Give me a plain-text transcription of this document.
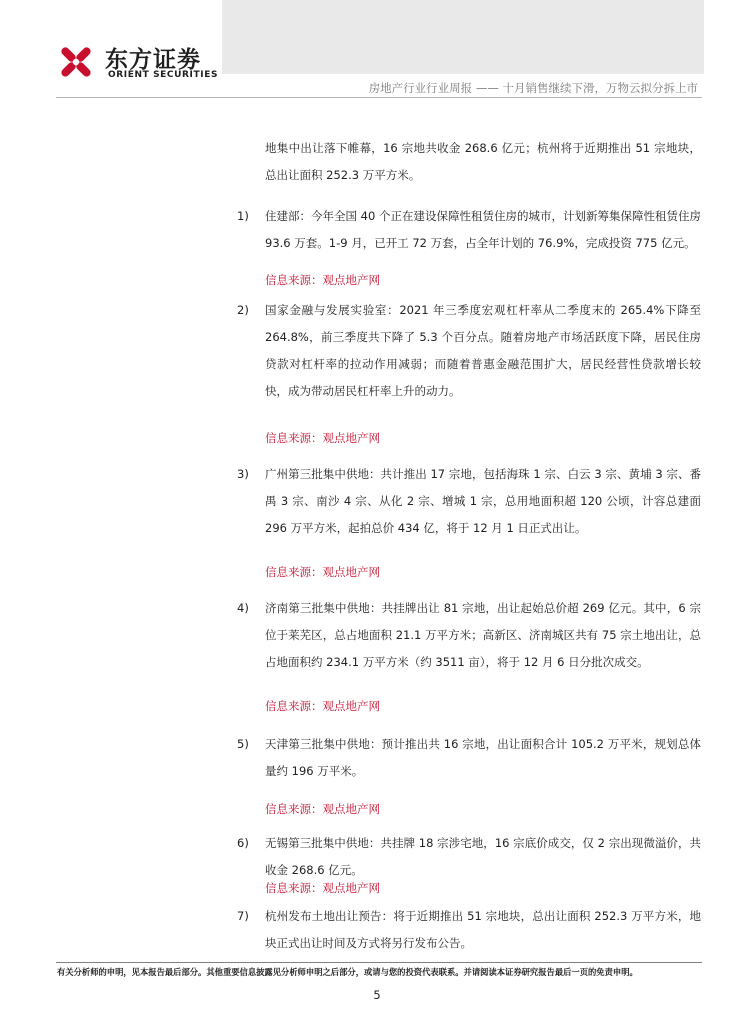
东方证劵
ORIENT SECURITIES
房地产行业行业周报 —— 十月销售继续下滑，万物云拟分拆上市

地集中出让落下帷幕，16 宗地共收金 268.6 亿元；杭州将于近期推出 51 宗地块，总出让面积 252.3 万平方米。

1) 住建部：今年全国 40 个正在建设保障性租赁住房的城市，计划新筹集保障性租赁住房 93.6 万套。1-9 月，已开工 72 万套，占全年计划的 76.9%，完成投资 775 亿元。

信息来源：观点地产网
2) 国家金融与发展实验室：2021 年三季度宏观杠杆率从二季度末的 265.4%下降至 264.8%，前三季度共下降了 5.3 个百分点。随着房地产市场活跃度下降，居民住房贷款对杠杆率的拉动作用减弱；而随着普惠金融范围扩大，居民经营性贷款增长较快，成为带动居民杠杆率上升的动力。

信息来源：观点地产网
3) 广州第三批集中供地：共计推出 17 宗地，包括海珠 1 宗、白云 3 宗、黄埔 3 宗、番禺 3 宗、南沙 4 宗、从化 2 宗、增城 1 宗，总用地面积超 120 公顷，计容总建面 296 万平方米，起拍总价 434 亿，将于 12 月 1 日正式出让。

信息来源：观点地产网
4) 济南第三批集中供地：共挂牌出让 81 宗地，出让起始总价超 269 亿元。其中，6 宗位于莱芜区，总占地面积 21.1 万平方米；高新区、济南城区共有 75 宗土地出让，总占地面积约 234.1 万平方米（约 3511 亩），将于 12 月 6 日分批次成交。

信息来源：观点地产网
5) 天津第三批集中供地：预计推出共 16 宗地，出让面积合计 105.2 万平米，规划总体量约 196 万平米。

信息来源：观点地产网
6) 无锡第三批集中供地：共挂牌 18 宗涉宅地，16 宗底价成交，仅 2 宗出现微溢价，共收金 268.6 亿元。

信息来源：观点地产网
7) 杭州发布土地出让预告：将于近期推出 51 宗地块，总出让面积 252.3 万平方米，地块正式出让时间及方式将另行发布公告。

有关分析师的申明，见本报告最后部分。其他重要信息披露见分析师申明之后部分，或请与您的投资代表联系。并请阅读本证券研究报告最后一页的免责申明。
5
